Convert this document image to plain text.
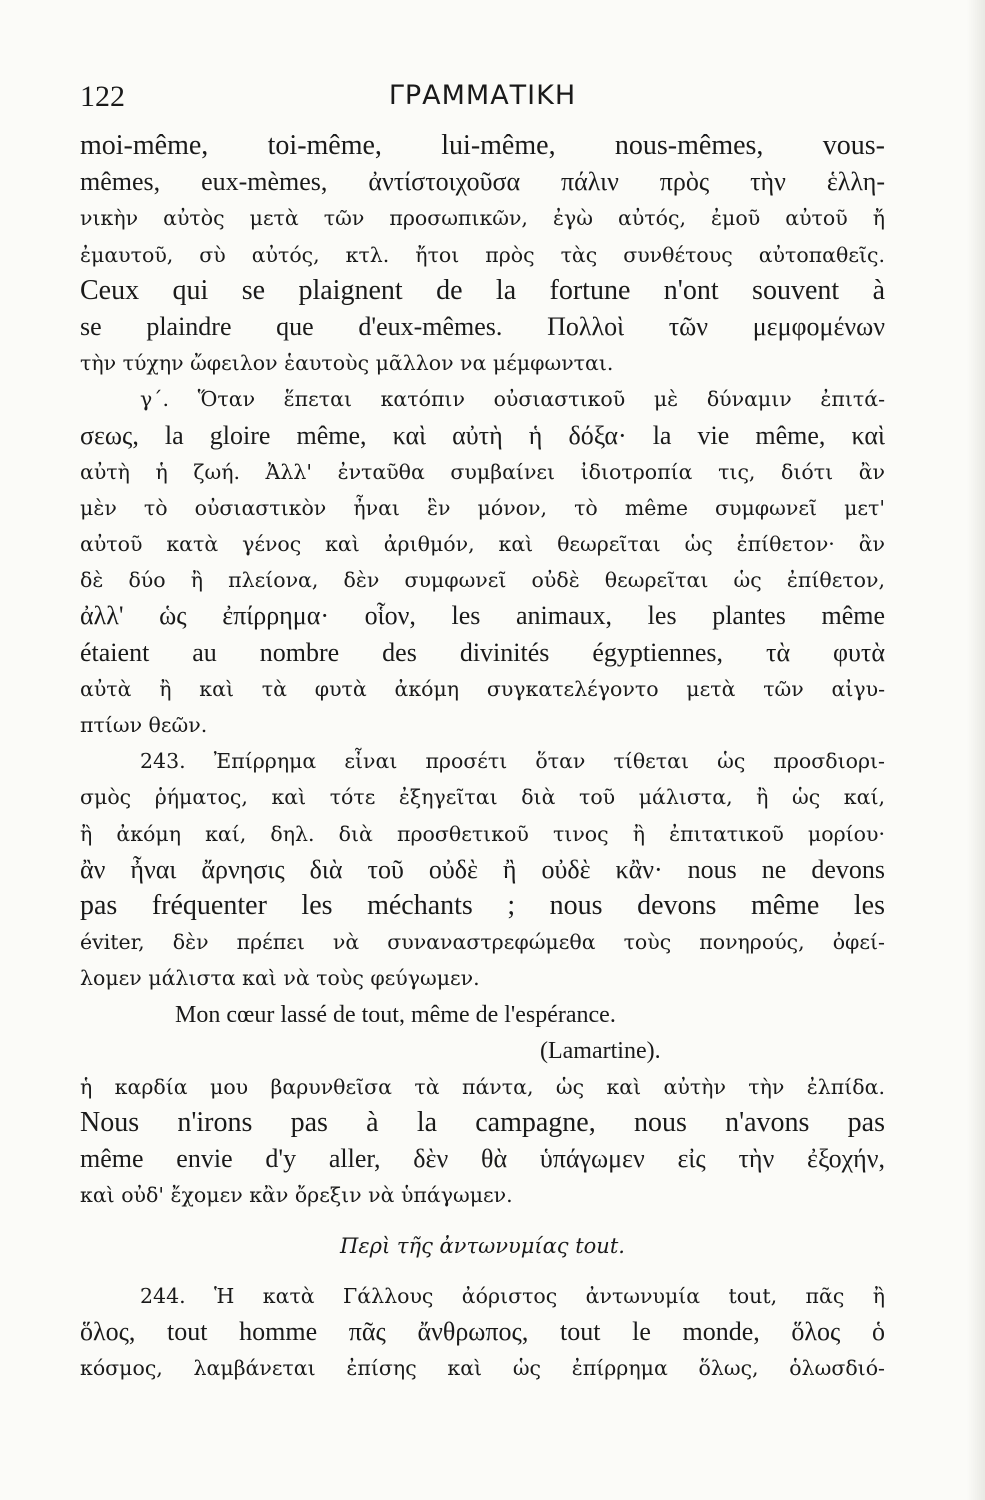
122	ΓΡΑΜΜΑΤΙΚΗ
moi-même, toi-même, lui-même, nous-mêmes, vous-
mêmes, eux-mèmes, ἀντίστοιχοῦσα πάλιν πρὸς τὴν ἑλλη-
νικὴν αὐτὸς μετὰ τῶν προσωπικῶν, ἐγὼ αὐτός, ἐμοῦ αὐτοῦ ἤ
ἐμαυτοῦ, σὺ αὐτός, κτλ. ἤτοι πρὸς τὰς συνθέτους αὐτοπαθεῖς.
Ceux qui se plaignent de la fortune n'ont souvent à
se plaindre que d'eux-mêmes. Πολλοὶ τῶν μεμφομένων
τὴν τύχην ὤφειλον ἑαυτοὺς μᾶλλον να μέμφωνται.
γ΄. Ὅταν ἕπεται κατόπιν οὐσιαστικοῦ μὲ δύναμιν ἐπιτά-
σεως, la gloire même, καὶ αὐτὴ ἡ δόξα· la vie même, καὶ
αὐτὴ ἡ ζωή. Ἀλλ' ἐνταῦθα συμβαίνει ἰδιοτροπία τις, διότι ἂν
μὲν τὸ οὐσιαστικὸν ἦναι ἓν μόνον, τὸ même συμφωνεῖ μετ'
αὐτοῦ κατὰ γένος καὶ ἀριθμόν, καὶ θεωρεῖται ὡς ἐπίθετον· ἂν
δὲ δύο ἢ πλείονα, δὲν συμφωνεῖ οὐδὲ θεωρεῖται ὡς ἐπίθετον,
ἀλλ' ὡς ἐπίρρημα· οἷον, les animaux, les plantes même
étaient au nombre des divinités égyptiennes, τὰ φυτὰ
αὐτὰ ἢ καὶ τὰ φυτὰ ἀκόμη συγκατελέγοντο μετὰ τῶν αἰγυ-
πτίων θεῶν.
243. Ἐπίρρημα εἶναι προσέτι ὅταν τίθεται ὡς προσδιορι-
σμὸς ῥήματος, καὶ τότε ἐξηγεῖται διὰ τοῦ μάλιστα, ἢ ὡς καί,
ἢ ἀκόμη καί, δηλ. διὰ προσθετικοῦ τινος ἢ ἐπιτατικοῦ μορίου·
ἂν ἦναι ἄρνησις διὰ τοῦ οὐδὲ ἢ οὐδὲ κἂν· nous ne devons
pas fréquenter les méchants ; nous devons même les
éviter, δὲν πρέπει νὰ συναναστρεφώμεθα τοὺς πονηρούς, ὀφεί-
λομεν μάλιστα καὶ νὰ τοὺς φεύγωμεν.
Mon cœur lassé de tout, même de l'espérance.
(Lamartine).
ἡ καρδία μου βαρυνθεῖσα τὰ πάντα, ὡς καὶ αὐτὴν τὴν ἐλπίδα.
Nous n'irons pas à la campagne, nous n'avons pas
même envie d'y aller, δὲν θὰ ὑπάγωμεν εἰς τὴν ἐξοχήν,
καὶ οὐδ' ἔχομεν κἂν ὄρεξιν νὰ ὑπάγωμεν.
Περὶ τῆς ἀντωνυμίας tout.
244. Ἡ κατὰ Γάλλους ἀόριστος ἀντωνυμία tout, πᾶς ἢ
ὅλος, tout homme πᾶς ἄνθρωπος, tout le monde, ὅλος ὁ
κόσμος, λαμβάνεται ἐπίσης καὶ ὡς ἐπίρρημα ὅλως, ὁλωσδιό-
